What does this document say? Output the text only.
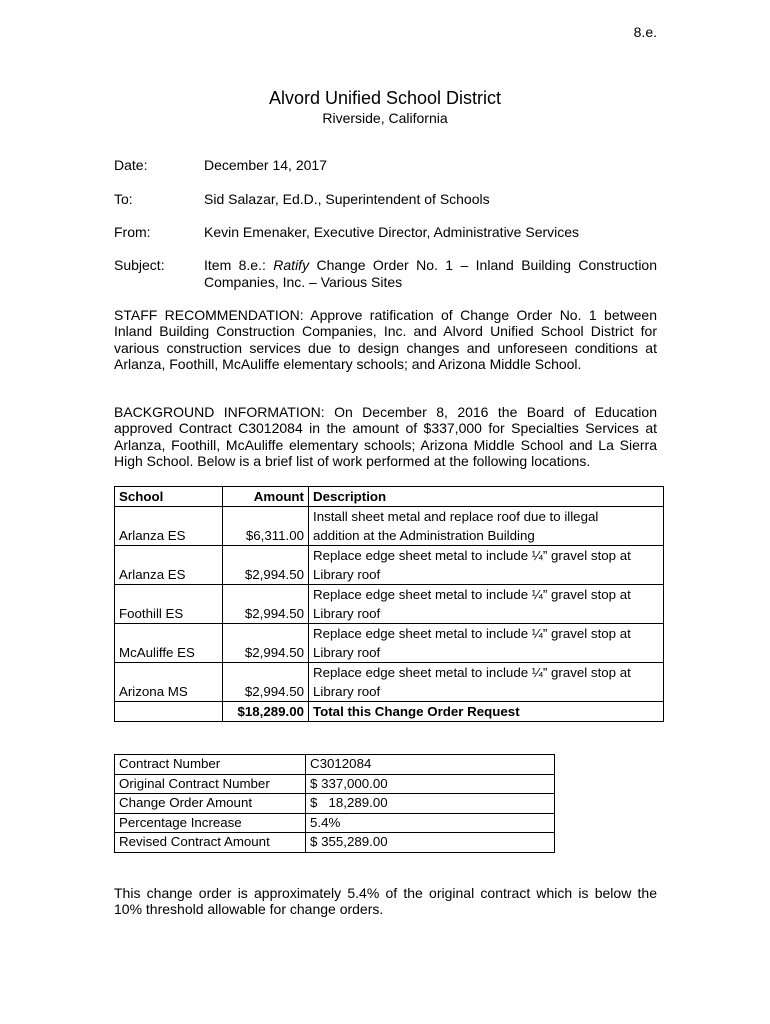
8.e.
Alvord Unified School District
Riverside, California
Date:	December 14, 2017
To:	Sid Salazar, Ed.D., Superintendent of Schools
From:	Kevin Emenaker, Executive Director, Administrative Services
Subject:	Item 8.e.: Ratify Change Order No. 1 – Inland Building Construction Companies, Inc. – Various Sites
STAFF RECOMMENDATION: Approve ratification of Change Order No. 1 between Inland Building Construction Companies, Inc. and Alvord Unified School District for various construction services due to design changes and unforeseen conditions at Arlanza, Foothill, McAuliffe elementary schools; and Arizona Middle School.
BACKGROUND INFORMATION: On December 8, 2016 the Board of Education approved Contract C3012084 in the amount of $337,000 for Specialties Services at Arlanza, Foothill, McAuliffe elementary schools; Arizona Middle School and La Sierra High School. Below is a brief list of work performed at the following locations.
School	Amount	Description
Arlanza ES	$6,311.00	Install sheet metal and replace roof due to illegal
addition at the Administration Building

Arlanza ES	$2,994.50	Replace edge sheet metal to include ¼” gravel stop at
Library roof

Foothill ES	$2,994.50	Replace edge sheet metal to include ¼” gravel stop at
Library roof

McAuliffe ES	$2,994.50	Replace edge sheet metal to include ¼” gravel stop at
Library roof

Arizona MS	$2,994.50	Replace edge sheet metal to include ¼” gravel stop at
Library roof

	$18,289.00	Total this Change Order Request
Contract Number	C3012084
Original Contract Number	$ 337,000.00
Change Order Amount	$   18,289.00
Percentage Increase	5.4%
Revised Contract Amount	$ 355,289.00
This change order is approximately 5.4% of the original contract which is below the 10% threshold allowable for change orders.
